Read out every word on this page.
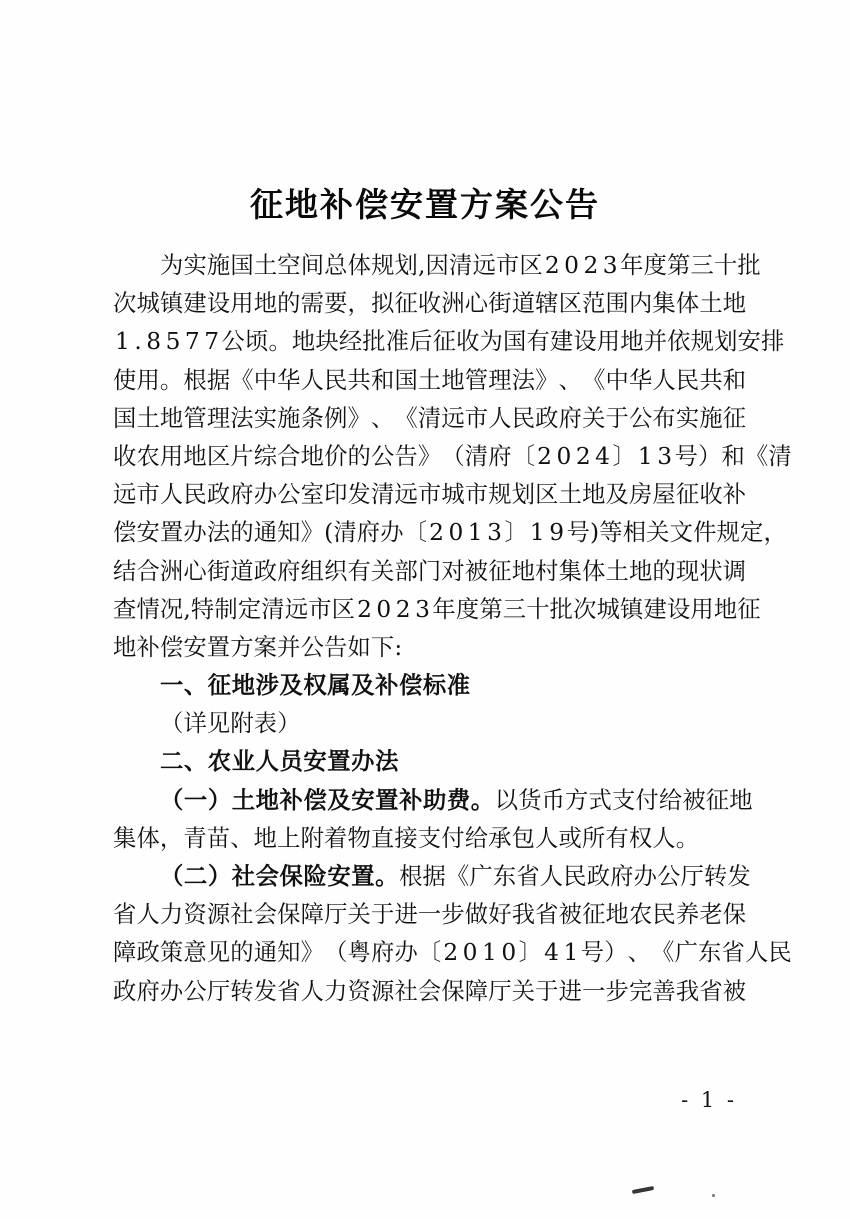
征地补偿安置方案公告
为 实 施 国 土 空 间 总 体 规 划 , 因 清 远 市 区 2 0 2 3 年 度 第 三 十 批
次 城 镇 建 设 用 地 的 需 要 ， 拟 征 收 洲 心 街 道 辖 区 范 围 内 集 体 土 地
1 . 8 5 7 7 公 顷 。 地 块 经 批 准 后 征 收 为 国 有 建 设 用 地 并 依 规 划 安 排
使 用 。 根 据 《 中 华 人 民 共 和 国 土 地 管 理 法 》 、 《 中 华 人 民 共 和
国 土 地 管 理 法 实 施 条 例 》 、 《 清 远 市 人 民 政 府 关 于 公 布 实 施 征
收 农 用 地 区 片 综 合 地 价 的 公 告 》 （ 清 府 〔 2 0 2 4 〕 1 3 号 ） 和 《 清
远 市 人 民 政 府 办 公 室 印 发 清 远 市 城 市 规 划 区 土 地 及 房 屋 征 收 补
偿 安 置 办 法 的 通 知 》 ( 清 府 办 〔 2 0 1 3 〕 1 9 号 ) 等 相 关 文 件 规 定 ，
结 合 洲 心 街 道 政 府 组 织 有 关 部 门 对 被 征 地 村 集 体 土 地 的 现 状 调
查 情 况 , 特 制 定 清 远 市 区 2 0 2 3 年 度 第 三 十 批 次 城 镇 建 设 用 地 征
地补偿安置方案并公告如下:
一、征地涉及权属及补偿标准
（详见附表）
二、农业人员安置办法
（ 一 ） 土 地 补 偿 及 安 置 补 助 费 。 以 货 币 方 式 支 付 给 被 征 地
集体，青苗、地上附着物直接支付给承包人或所有权人。
（ 二 ） 社 会 保 险 安 置 。 根 据 《 广 东 省 人 民 政 府 办 公 厅 转 发
省 人 力 资 源 社 会 保 障 厅 关 于 进 一 步 做 好 我 省 被 征 地 农 民 养 老 保
障 政 策 意 见 的 通 知 》 （ 粤 府 办 〔 2 0 1 0 〕 4 1 号 ） 、 《 广 东 省 人 民
政 府 办 公 厅 转 发 省 人 力 资 源 社 会 保 障 厅 关 于 进 一 步 完 善 我 省 被
- 1 -
